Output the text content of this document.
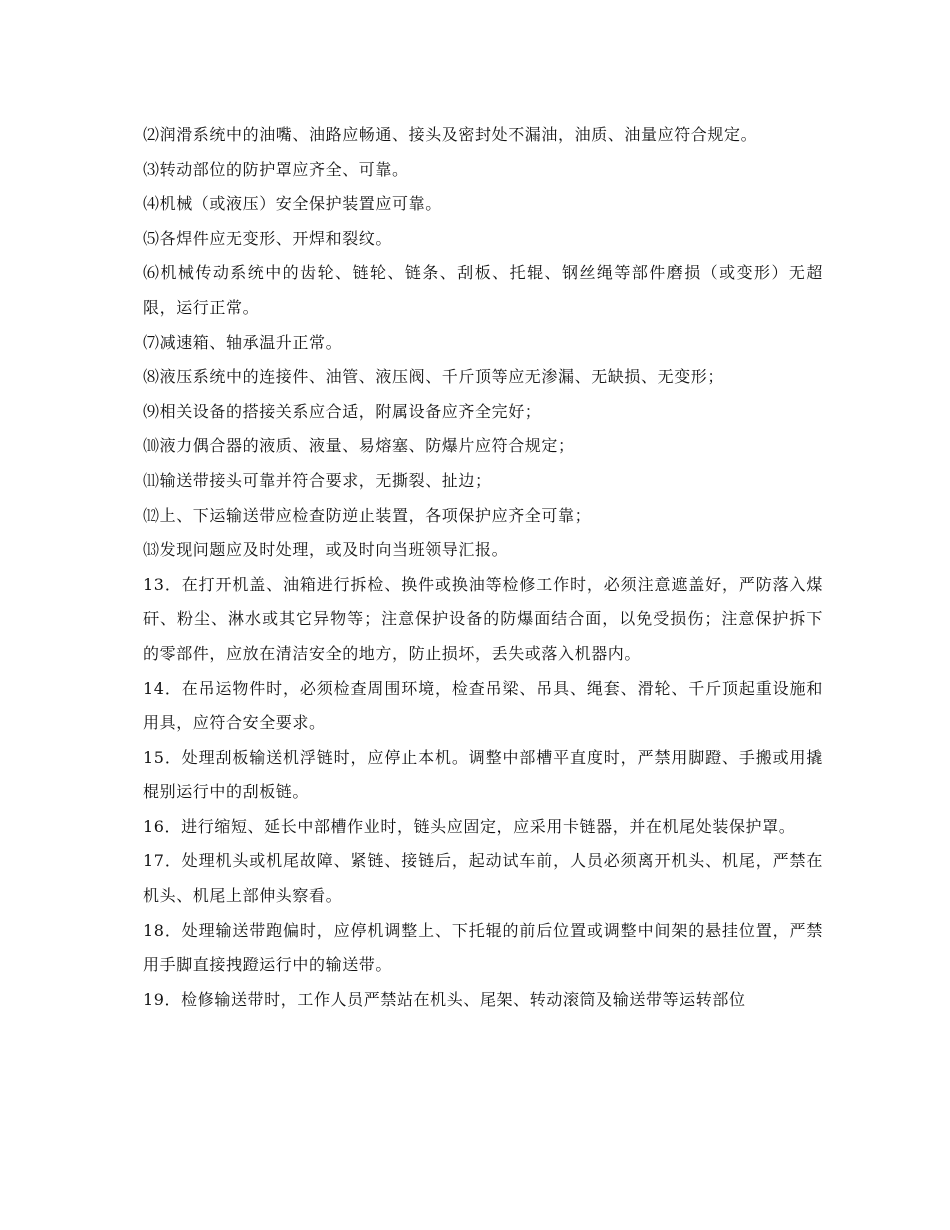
⑵润滑系统中的油嘴、油路应畅通、接头及密封处不漏油，油质、油量应符合规定。

⑶转动部位的防护罩应齐全、可靠。

⑷机械（或液压）安全保护装置应可靠。

⑸各焊件应无变形、开焊和裂纹。

⑹机械传动系统中的齿轮、链轮、链条、刮板、托辊、钢丝绳等部件磨损（或变形）无超限，运行正常。

⑺减速箱、轴承温升正常。

⑻液压系统中的连接件、油管、液压阀、千斤顶等应无渗漏、无缺损、无变形；

⑼相关设备的搭接关系应合适，附属设备应齐全完好；

⑽液力偶合器的液质、液量、易熔塞、防爆片应符合规定；

⑾输送带接头可靠并符合要求，无撕裂、扯边；

⑿上、下运输送带应检查防逆止装置，各项保护应齐全可靠；

⒀发现问题应及时处理，或及时向当班领导汇报。

13．在打开机盖、油箱进行拆检、换件或换油等检修工作时，必须注意遮盖好，严防落入煤矸、粉尘、淋水或其它异物等；注意保护设备的防爆面结合面，以免受损伤；注意保护拆下的零部件，应放在清洁安全的地方，防止损坏，丢失或落入机器内。

14．在吊运物件时，必须检查周围环境，检查吊梁、吊具、绳套、滑轮、千斤顶起重设施和用具，应符合安全要求。

15．处理刮板输送机浮链时，应停止本机。调整中部槽平直度时，严禁用脚蹬、手搬或用撬棍别运行中的刮板链。

16．进行缩短、延长中部槽作业时，链头应固定，应采用卡链器，并在机尾处装保护罩。

17．处理机头或机尾故障、紧链、接链后，起动试车前，人员必须离开机头、机尾，严禁在机头、机尾上部伸头察看。

18．处理输送带跑偏时，应停机调整上、下托辊的前后位置或调整中间架的悬挂位置，严禁用手脚直接拽蹬运行中的输送带。

19．检修输送带时，工作人员严禁站在机头、尾架、转动滚筒及输送带等运转部位
